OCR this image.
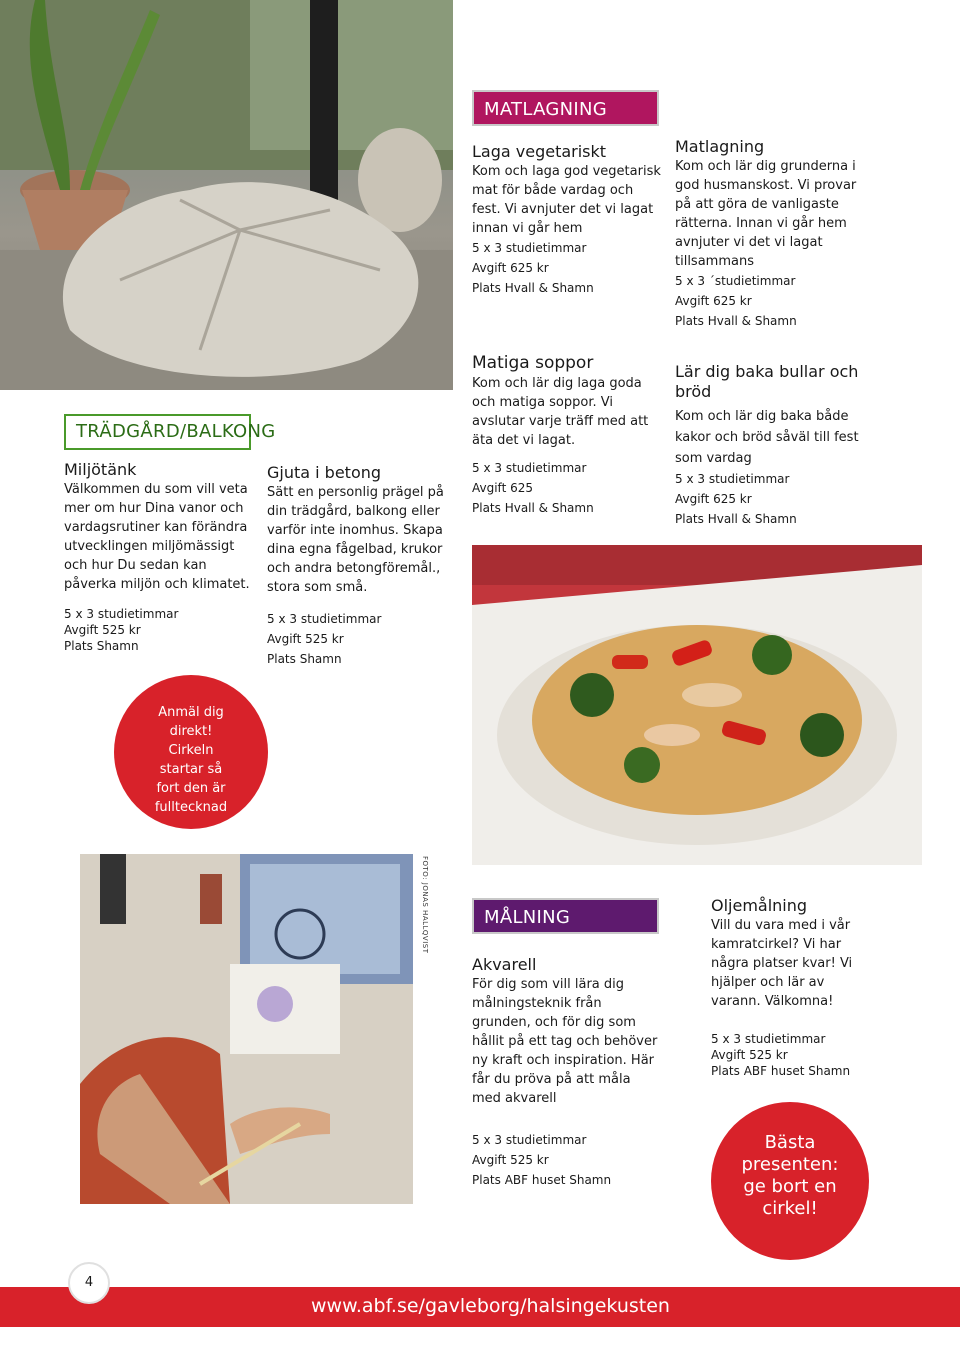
MATLAGNING
Laga vegetariskt
Kom och laga god vegetarisk mat för både vardag och fest. Vi avnjuter det vi lagat innan vi går hem
5 x 3 studietimmar
Avgift 625 kr
Plats Hvall & Shamn
Matlagning
Kom och lär dig grunderna i god husmanskost. Vi provar på att göra de vanligaste rätterna. Innan vi går hem avnjuter vi det vi lagat tillsammans
5 x 3 ´studietimmar
Avgift 625 kr
Plats Hvall & Shamn
Matiga soppor
Kom och lär dig laga goda och matiga soppor. Vi avslutar varje träff med att äta det vi lagat.
5 x 3 studietimmar
Avgift 625
Plats Hvall & Shamn
Lär dig baka bullar och bröd
Kom och lär dig baka både kakor och bröd såväl till fest som vardag
5 x 3 studietimmar
Avgift 625 kr
Plats Hvall & Shamn
TRÄDGÅRD/BALKONG
Miljötänk
Välkommen du som vill veta mer om hur Dina vanor och vardagsrutiner kan förändra utvecklingen miljömässigt och hur Du sedan kan påverka miljön och klimatet.
5 x 3 studietimmar
Avgift 525 kr
Plats Shamn
Gjuta i betong
Sätt en personlig prägel på din trädgård, balkong eller varför inte inomhus. Skapa dina egna fågelbad, krukor och andra betongföremål., stora som små.
5 x 3 studietimmar
Avgift 525 kr
Plats Shamn
Anmäl dig direkt! Cirkeln startar så fort den är fulltecknad
FOTO: JONAS HALLQVIST	MÅLNING
Akvarell
För dig som vill lära dig målningsteknik från grunden, och för dig som hållit på ett tag och behöver ny kraft och inspiration. Här får du pröva på att måla med akvarell
5 x 3 studietimmar
Avgift 525 kr
Plats ABF huset Shamn
Oljemålning
Vill du vara med i vår kamratcirkel? Vi har några platser kvar! Vi hjälper och lär av varann. Välkomna!
5 x 3 studietimmar
Avgift 525 kr
Plats ABF huset Shamn
Bästa presenten: ge bort en cirkel!
4
www.abf.se/gavleborg/halsingekusten
